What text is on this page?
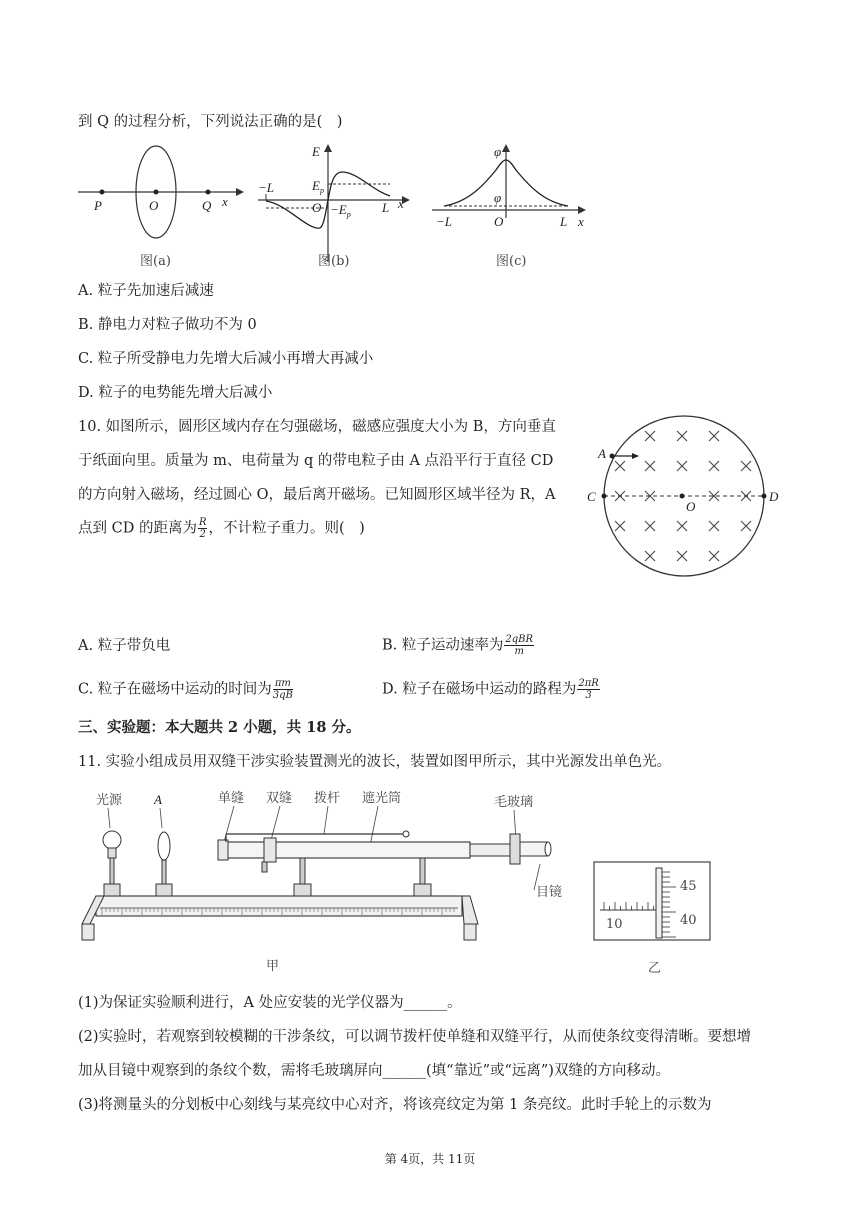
到 Q 的过程分析，下列说法正确的是(　)
P	O	Q x
图(a)
E
−L	$E_p$
$O -E_p$ L x
图(b)
φ
φ
−L	O	L x
图(c)
A. 粒子先加速后减速
B. 静电力对粒子做功不为 0
C. 粒子所受静电力先增大后减小再增大再减小
D. 粒子的电势能先增大后减小
10. 如图所示，圆形区域内存在匀强磁场，磁感应强度大小为 B，方向垂直
于纸面向里。质量为 m、电荷量为 q 的带电粒子由 A 点沿平行于直径 CD
的方向射入磁场，经过圆心 O，最后离开磁场。已知圆形区域半径为 R，A
点到 CD 的距离为 $\frac{R}{2}$ ，不计粒子重力。则(　)
A
C
O
D
A. 粒子带负电	B. 粒子运动速率为 $\frac{\text{2qBR}}{m}$
C. 粒子在磁场中运动的时间为 $\frac{\pi m}{3qB}$	D. 粒子在磁场中运动的路程为 $\frac{2\pi R}{3}$
三、实验题：本大题共 2 小题，共 18 分。
11. 实验小组成员用双缝干涉实验装置测光的波长，装置如图甲所示，其中光源发出单色光。
光源 A	单缝 双缝 拨杆 遮光筒	毛玻璃
目镜
甲
45
40
10
乙
(1)为保证实验顺利进行，A 处应安装的光学仪器为______。
(2)实验时，若观察到较模糊的干涉条纹，可以调节拨杆使单缝和双缝平行，从而使条纹变得清晰。要想增
加从目镜中观察到的条纹个数，需将毛玻璃屏向______(填“靠近”或“远离”)双缝的方向移动。
(3)将测量头的分划板中心刻线与某亮纹中心对齐，将该亮纹定为第 1 条亮纹。此时手轮上的示数为
第 4页，共 11页
